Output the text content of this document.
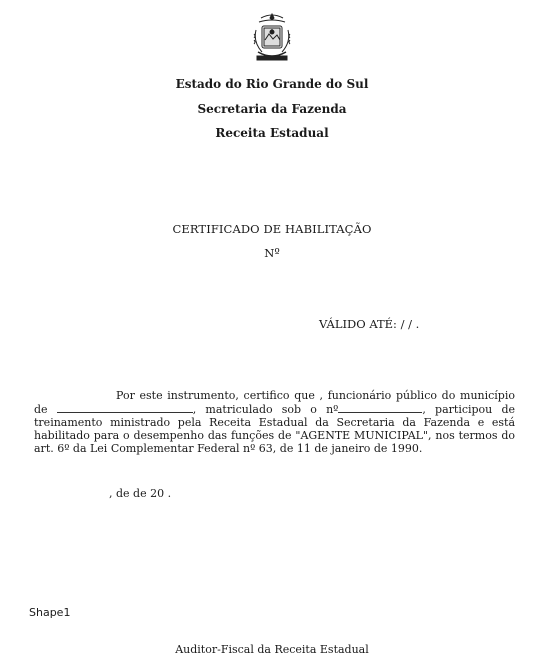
Estado do Rio Grande do Sul
Secretaria da Fazenda
Receita Estadual
CERTIFICADO DE HABILITAÇÃO
Nº
VÁLIDO ATÉ: / / .
Por este instrumento, certifico que , funcionário público do município de	, matriculado sob o nº	, participou de treinamento ministrado pela Receita Estadual da Secretaria da Fazenda e está habilitado para o desempenho das funções de "AGENTE MUNICIPAL", nos termos do art. 6º da Lei Complementar Federal nº 63, de 11 de janeiro de 1990.
, de de 20 .
Shape1
Auditor-Fiscal da Receita Estadual
